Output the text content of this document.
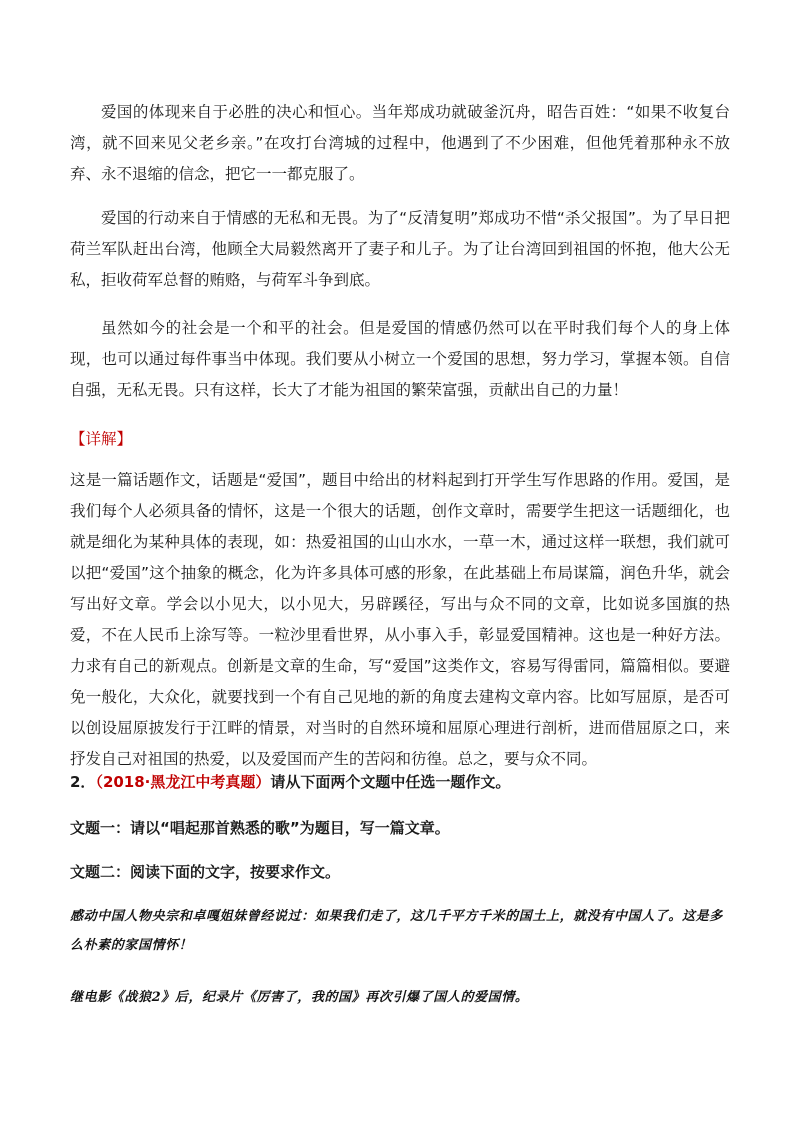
爱国的体现来自于必胜的决心和恒心。当年郑成功就破釜沉舟，昭告百姓：“如果不收复台湾，就不回来见父老乡亲。”在攻打台湾城的过程中，他遇到了不少困难，但他凭着那种永不放弃、永不退缩的信念，把它一一都克服了。

爱国的行动来自于情感的无私和无畏。为了“反清复明”郑成功不惜“杀父报国”。为了早日把荷兰军队赶出台湾，他顾全大局毅然离开了妻子和儿子。为了让台湾回到祖国的怀抱，他大公无私，拒收荷军总督的贿赂，与荷军斗争到底。

虽然如今的社会是一个和平的社会。但是爱国的情感仍然可以在平时我们每个人的身上体现，也可以通过每件事当中体现。我们要从小树立一个爱国的思想，努力学习，掌握本领。自信自强，无私无畏。只有这样，长大了才能为祖国的繁荣富强，贡献出自己的力量！

【详解】

这是一篇话题作文，话题是“爱国”，题目中给出的材料起到打开学生写作思路的作用。爱国，是我们每个人必须具备的情怀，这是一个很大的话题，创作文章时，需要学生把这一话题细化，也就是细化为某种具体的表现，如：热爱祖国的山山水水，一草一木，通过这样一联想，我们就可以把“爱国”这个抽象的概念，化为许多具体可感的形象，在此基础上布局谋篇，润色升华，就会写出好文章。学会以小见大，以小见大，另辟蹊径，写出与众不同的文章，比如说多国旗的热爱，不在人民币上涂写等。一粒沙里看世界，从小事入手，彰显爱国精神。这也是一种好方法。力求有自己的新观点。创新是文章的生命，写“爱国”这类作文，容易写得雷同，篇篇相似。要避免一般化，大众化，就要找到一个有自己见地的新的角度去建构文章内容。比如写屈原，是否可以创设屈原披发行于江畔的情景，对当时的自然环境和屈原心理进行剖析，进而借屈原之口，来抒发自己对祖国的热爱，以及爱国而产生的苦闷和彷徨。总之，要与众不同。

2．（2018·黑龙江中考真题）请从下面两个文题中任选一题作文。

文题一：请以“唱起那首熟悉的歌”为题目，写一篇文章。

文题二：阅读下面的文字，按要求作文。

感动中国人物央宗和卓嘎姐妹曾经说过：如果我们走了，这几千平方千米的国土上，就没有中国人了。这是多么朴素的家国情怀！

继电影《战狼2》后，纪录片《厉害了，我的国》再次引爆了国人的爱国情。
